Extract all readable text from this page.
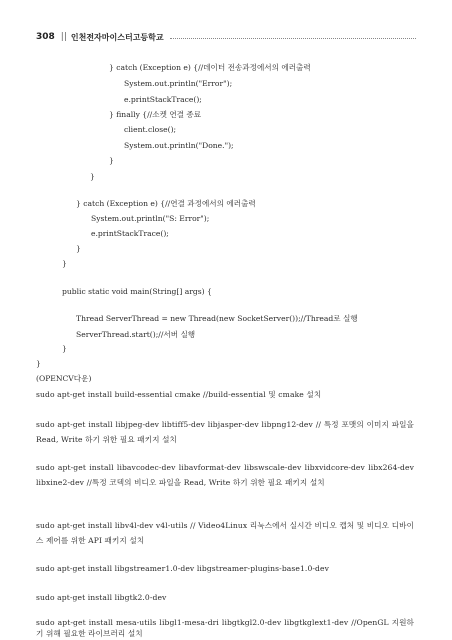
308 || 인천전자마이스터고등학교
} catch (Exception e) {//데이터 전송과정에서의 에러출력
System.out.println("Error");
e.printStackTrace();
} finally {//소켓 연결 종료
client.close();
System.out.println("Done.");
}
}
} catch (Exception e) {//연결 과정에서의 에러출력
System.out.println("S: Error");
e.printStackTrace();
}
}
public static void main(String[] args) {
Thread ServerThread = new Thread(new SocketServer());//Thread로 실행
ServerThread.start();//서버 실행
}
}
(OPENCV다운)
sudo apt-get install build-essential cmake //build-essential 및 cmake 설치
sudo apt-get install libjpeg-dev libtiff5-dev libjasper-dev libpng12-dev // 특정 포맷의 이미지 파일을 Read, Write 하기 위한 필요 패키지 설치
sudo apt-get install libavcodec-dev libavformat-dev libswscale-dev libxvidcore-dev libx264-dev libxine2-dev //특정 코덱의 비디오 파일을 Read, Write 하기 위한 필요 패키지 설치
sudo apt-get install libv4l-dev v4l-utils // Video4Linux 리눅스에서 실시간 비디오 캡처 및 비디오 디바이스 제어를 위한 API 패키지 설치
sudo apt-get install libgstreamer1.0-dev libgstreamer-plugins-base1.0-dev
sudo apt-get install libgtk2.0-dev
sudo apt-get install mesa-utils libgl1-mesa-dri libgtkgl2.0-dev libgtkglext1-dev //OpenGL 지원하기 위해 필요한 라이브러리 설치
